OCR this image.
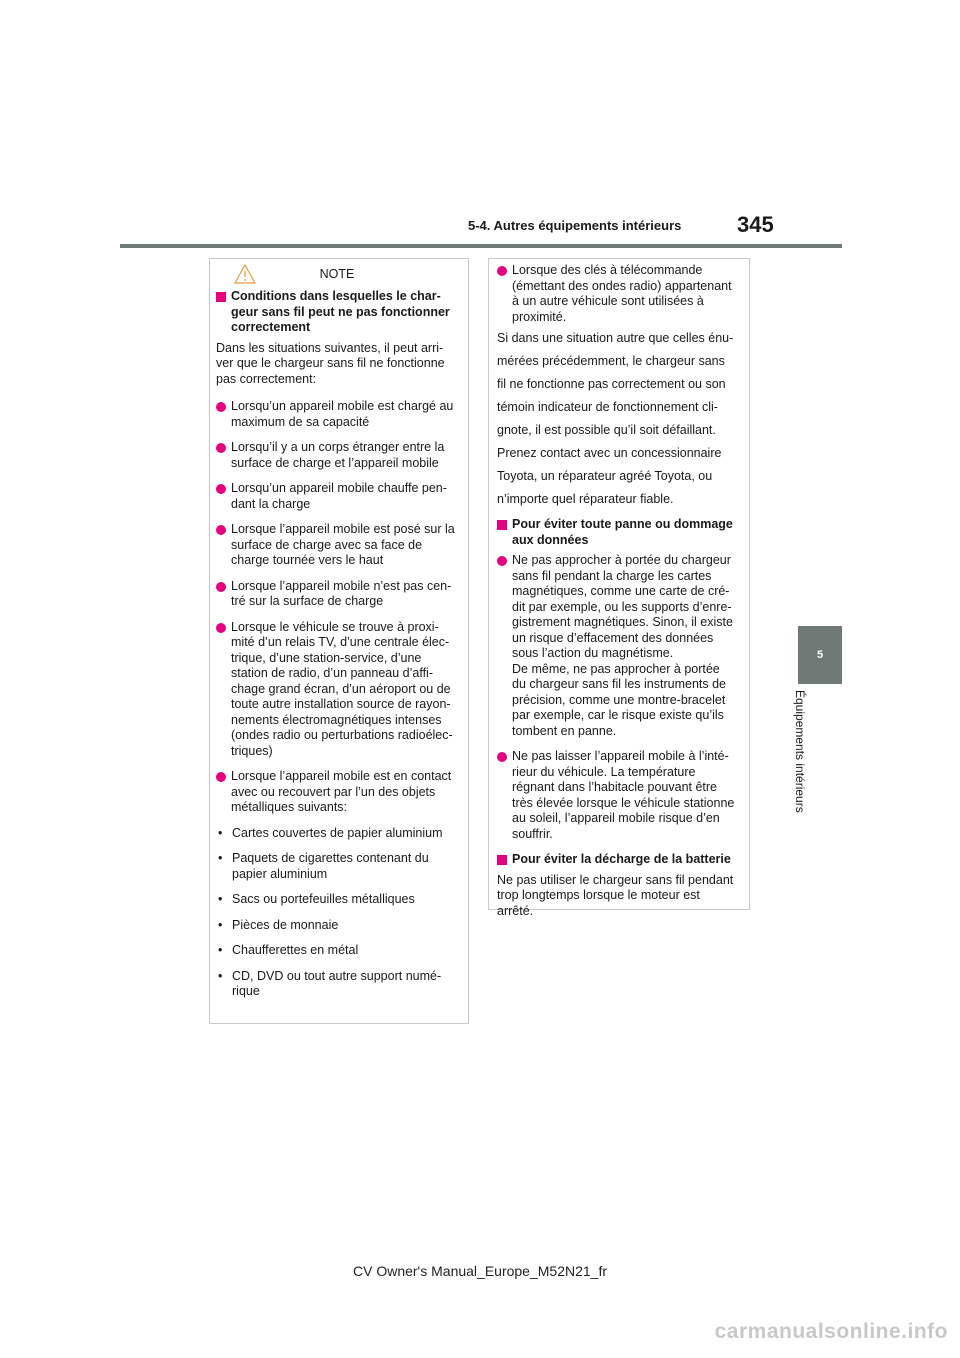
5-4. Autres équipements intérieurs	345
5
Équipements intérieurs
NOTE
Conditions dans lesquelles le char-
geur sans fil peut ne pas fonctionner
correctement
Dans les situations suivantes, il peut arri-
ver que le chargeur sans fil ne fonctionne
pas correctement:
Lorsqu’un appareil mobile est chargé au
maximum de sa capacité
Lorsqu’il y a un corps étranger entre la
surface de charge et l’appareil mobile
Lorsqu’un appareil mobile chauffe pen-
dant la charge
Lorsque l’appareil mobile est posé sur la
surface de charge avec sa face de
charge tournée vers le haut
Lorsque l’appareil mobile n’est pas cen-
tré sur la surface de charge
Lorsque le véhicule se trouve à proxi-
mité d’un relais TV, d’une centrale élec-
trique, d’une station-service, d’une
station de radio, d’un panneau d’affi-
chage grand écran, d’un aéroport ou de
toute autre installation source de rayon-
nements électromagnétiques intenses
(ondes radio ou perturbations radioélec-
triques)
Lorsque l’appareil mobile est en contact
avec ou recouvert par l’un des objets
métalliques suivants:
• Cartes couvertes de papier aluminium
• Paquets de cigarettes contenant du
papier aluminium
• Sacs ou portefeuilles métalliques
• Pièces de monnaie
• Chaufferettes en métal
• CD, DVD ou tout autre support numé-
rique
Lorsque des clés à télécommande
(émettant des ondes radio) appartenant
à un autre véhicule sont utilisées à
proximité.
Si dans une situation autre que celles énu-
mérées précédemment, le chargeur sans
fil ne fonctionne pas correctement ou son
témoin indicateur de fonctionnement cli-
gnote, il est possible qu’il soit défaillant.
Prenez contact avec un concessionnaire
Toyota, un réparateur agréé Toyota, ou
n’importe quel réparateur fiable.
Pour éviter toute panne ou dommage
aux données
Ne pas approcher à portée du chargeur
sans fil pendant la charge les cartes
magnétiques, comme une carte de cré-
dit par exemple, ou les supports d’enre-
gistrement magnétiques. Sinon, il existe
un risque d’effacement des données
sous l’action du magnétisme.
De même, ne pas approcher à portée
du chargeur sans fil les instruments de
précision, comme une montre-bracelet
par exemple, car le risque existe qu’ils
tombent en panne.
Ne pas laisser l’appareil mobile à l’inté-
rieur du véhicule. La température
régnant dans l’habitacle pouvant être
très élevée lorsque le véhicule stationne
au soleil, l’appareil mobile risque d’en
souffrir.
Pour éviter la décharge de la batterie
Ne pas utiliser le chargeur sans fil pendant
trop longtemps lorsque le moteur est
arrêté.
CV Owner's Manual_Europe_M52N21_fr
carmanualsonline.info
